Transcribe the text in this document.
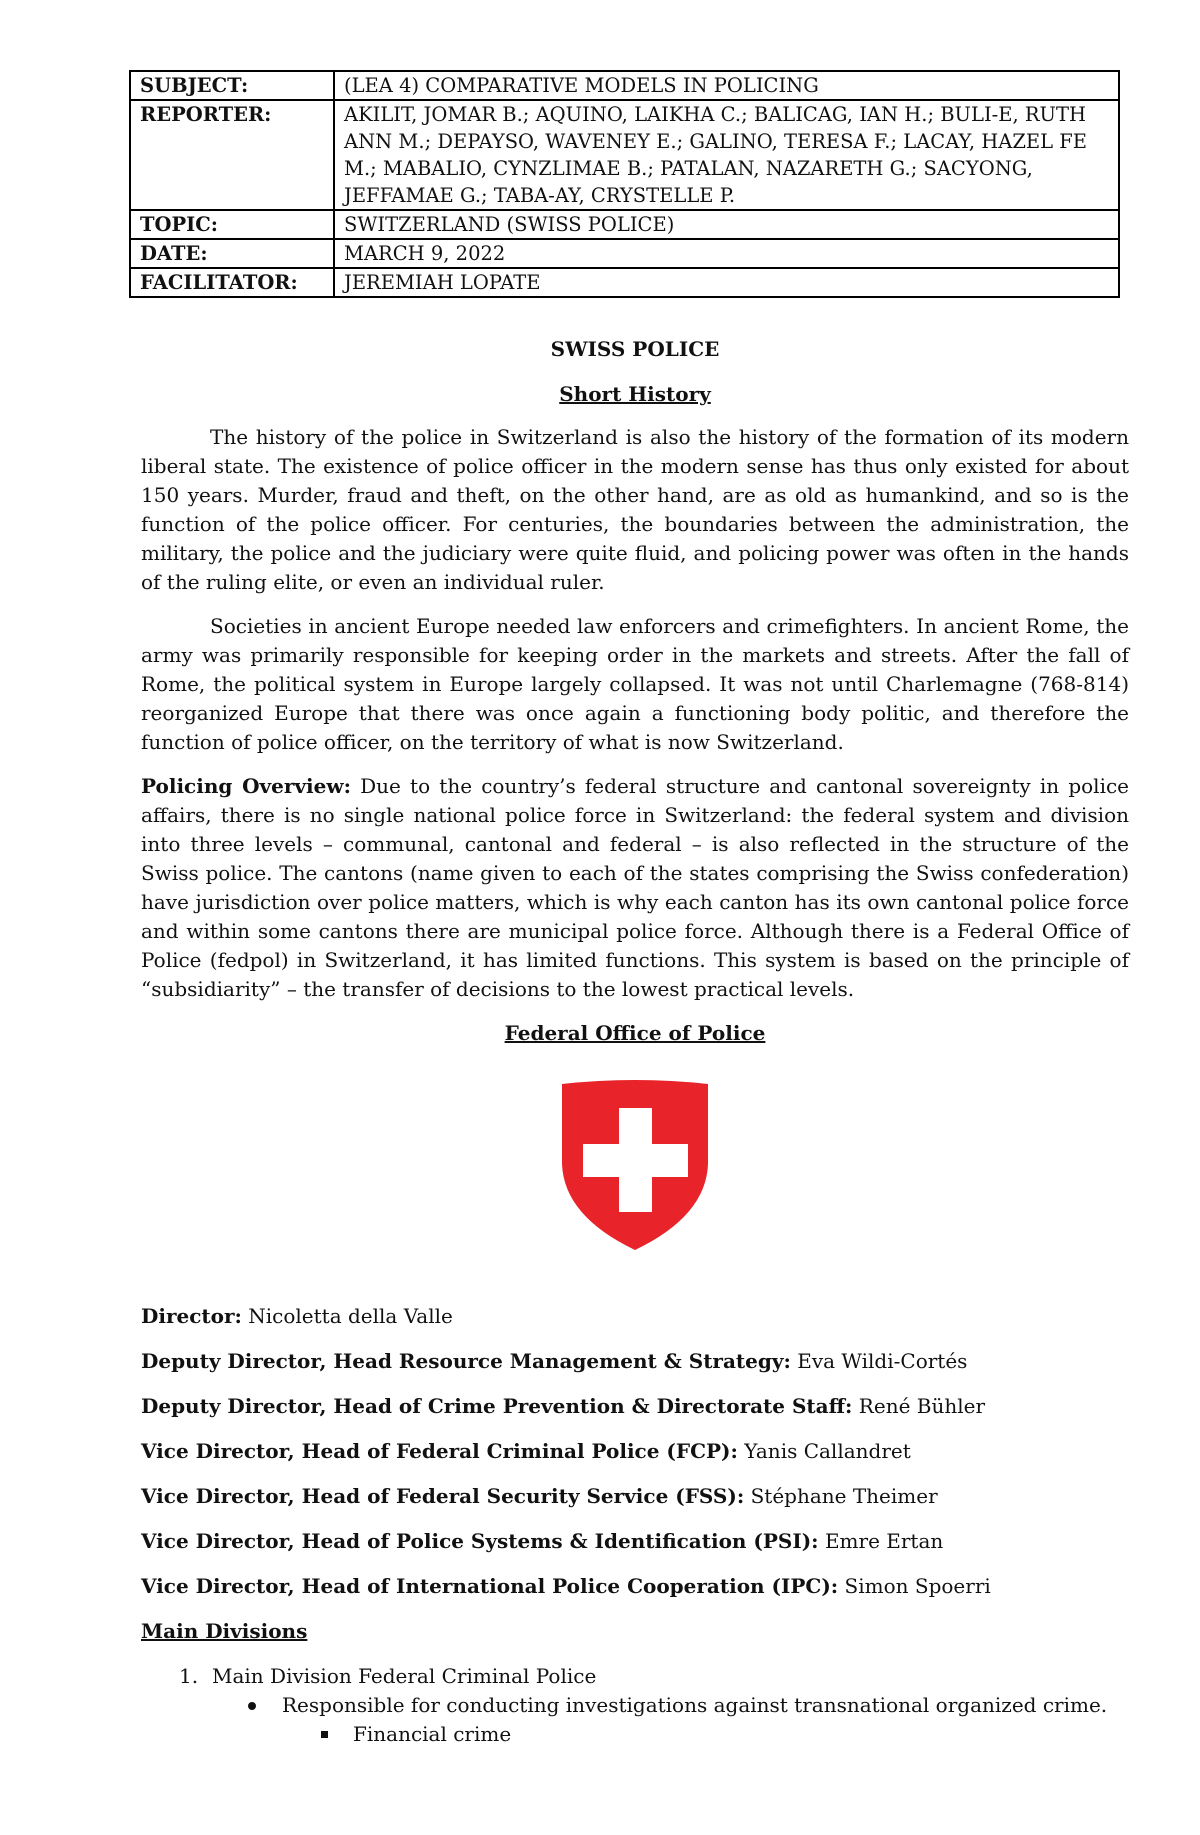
SUBJECT:	(LEA 4) COMPARATIVE MODELS IN POLICING
REPORTER:	AKILIT, JOMAR B.; AQUINO, LAIKHA C.; BALICAG, IAN H.; BULI-E, RUTH ANN M.; DEPAYSO, WAVENEY E.; GALINO, TERESA F.; LACAY, HAZEL FE M.; MABALIO, CYNZLIMAE B.; PATALAN, NAZARETH G.; SACYONG, JEFFAMAE G.; TABA-AY, CRYSTELLE P.
TOPIC:	SWITZERLAND (SWISS POLICE)
DATE:	MARCH 9, 2022
FACILITATOR:	JEREMIAH LOPATE
SWISS POLICE
Short History

The history of the police in Switzerland is also the history of the formation of its modern liberal state. The existence of police officer in the modern sense has thus only existed for about 150 years. Murder, fraud and theft, on the other hand, are as old as humankind, and so is the function of the police officer. For centuries, the boundaries between the administration, the military, the police and the judiciary were quite fluid, and policing power was often in the hands of the ruling elite, or even an individual ruler.

Societies in ancient Europe needed law enforcers and crimefighters. In ancient Rome, the army was primarily responsible for keeping order in the markets and streets. After the fall of Rome, the political system in Europe largely collapsed. It was not until Charlemagne (768-814) reorganized Europe that there was once again a functioning body politic, and therefore the function of police officer, on the territory of what is now Switzerland.

Policing Overview: Due to the country’s federal structure and cantonal sovereignty in police affairs, there is no single national police force in Switzerland: the federal system and division into three levels – communal, cantonal and federal – is also reflected in the structure of the Swiss police. The cantons (name given to each of the states comprising the Swiss confederation) have jurisdiction over police matters, which is why each canton has its own cantonal police force and within some cantons there are municipal police force. Although there is a Federal Office of Police (fedpol) in Switzerland, it has limited functions. This system is based on the principle of “subsidiarity” – the transfer of decisions to the lowest practical levels.

Federal Office of Police
Director: Nicoletta della Valle
Deputy Director, Head Resource Management & Strategy: Eva Wildi-Cortés
Deputy Director, Head of Crime Prevention & Directorate Staff: René Bühler
Vice Director, Head of Federal Criminal Police (FCP): Yanis Callandret
Vice Director, Head of Federal Security Service (FSS): Stéphane Theimer
Vice Director, Head of Police Systems & Identification (PSI): Emre Ertan
Vice Director, Head of International Police Cooperation (IPC): Simon Spoerri
Main Divisions
1. Main Division Federal Criminal Police
Responsible for conducting investigations against transnational organized crime.
Financial crime
